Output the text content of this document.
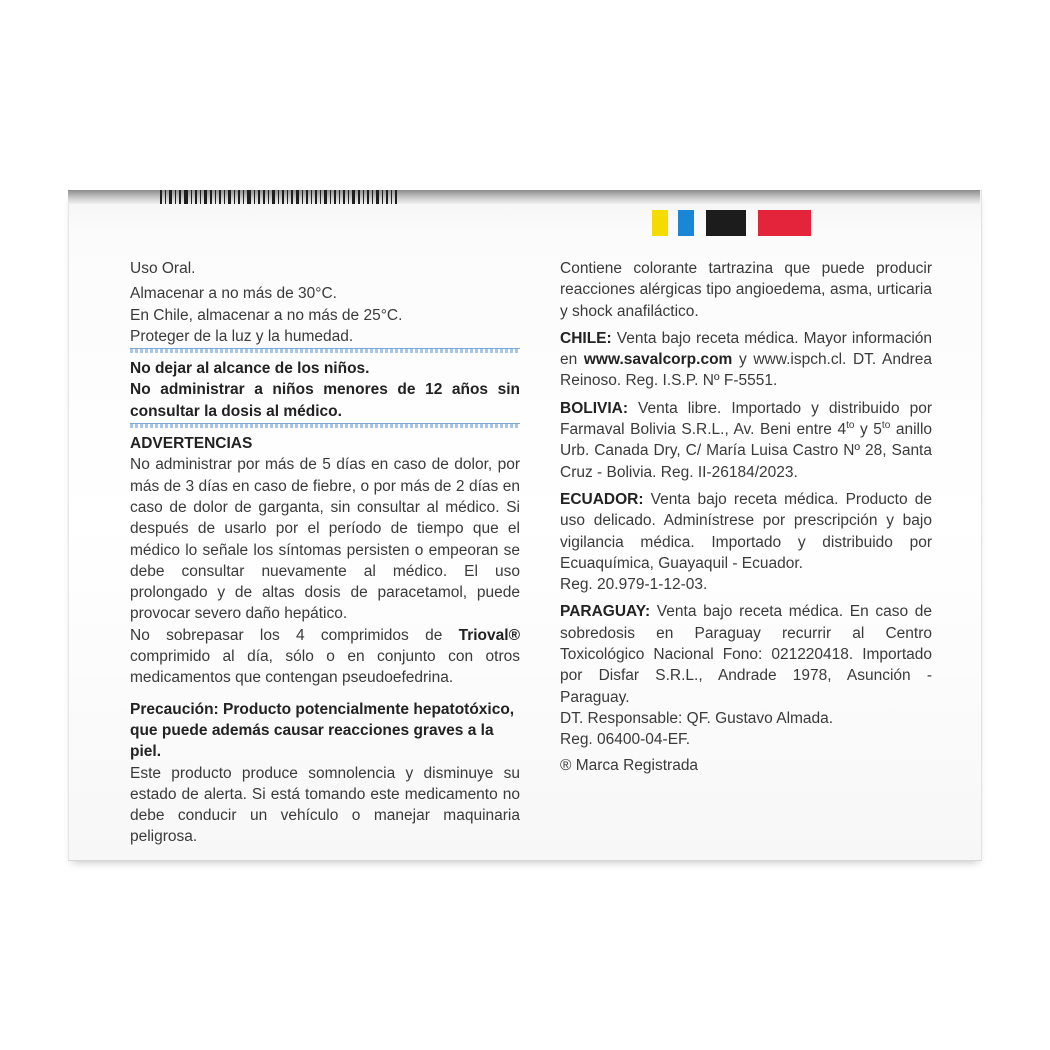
Uso Oral.

Almacenar a no más de 30°C.

En Chile, almacenar a no más de 25°C.

Proteger de la luz y la humedad.

No dejar al alcance de los niños.

No administrar a niños menores de 12 años sin consultar la dosis al médico.

ADVERTENCIAS

No administrar por más de 5 días en caso de dolor, por más de 3 días en caso de fiebre, o por más de 2 días en caso de dolor de garganta, sin consultar al médico. Si después de usarlo por el período de tiempo que el médico lo señale los síntomas persisten o empeoran se debe consultar nuevamente al médico. El uso prolongado y de altas dosis de paracetamol, puede provocar severo daño hepático.

No sobrepasar los 4 comprimidos de Trioval® comprimido al día, sólo o en conjunto con otros medicamentos que contengan pseudoefedrina.

Precaución: Producto potencialmente hepatotóxico, que puede además causar reacciones graves a la piel.

Este producto produce somnolencia y disminuye su estado de alerta. Si está tomando este medicamento no debe conducir un vehículo o manejar maquinaria peligrosa.

Contiene colorante tartrazina que puede producir reacciones alérgicas tipo angioedema, asma, urticaria y shock anafiláctico.

CHILE: Venta bajo receta médica. Mayor información en www.savalcorp.com y www.ispch.cl. DT. Andrea Reinoso. Reg. I.S.P. Nº F-5551.

BOLIVIA: Venta libre. Importado y distribuido por Farmaval Bolivia S.R.L., Av. Beni entre $4^{to}$ y $5^{to}$ anillo Urb. Canada Dry, C/ María Luisa Castro Nº 28, Santa Cruz - Bolivia. Reg. II-26184/2023.

ECUADOR: Venta bajo receta médica. Producto de uso delicado. Adminístrese por prescripción y bajo vigilancia médica. Importado y distribuido por Ecuaquímica, Guayaquil - Ecuador.

Reg. 20.979-1-12-03.

PARAGUAY: Venta bajo receta médica. En caso de sobredosis en Paraguay recurrir al Centro Toxicológico Nacional Fono: 021220418. Importado por Disfar S.R.L., Andrade 1978, Asunción - Paraguay.

DT. Responsable: QF. Gustavo Almada.

Reg. 06400-04-EF.

® Marca Registrada
